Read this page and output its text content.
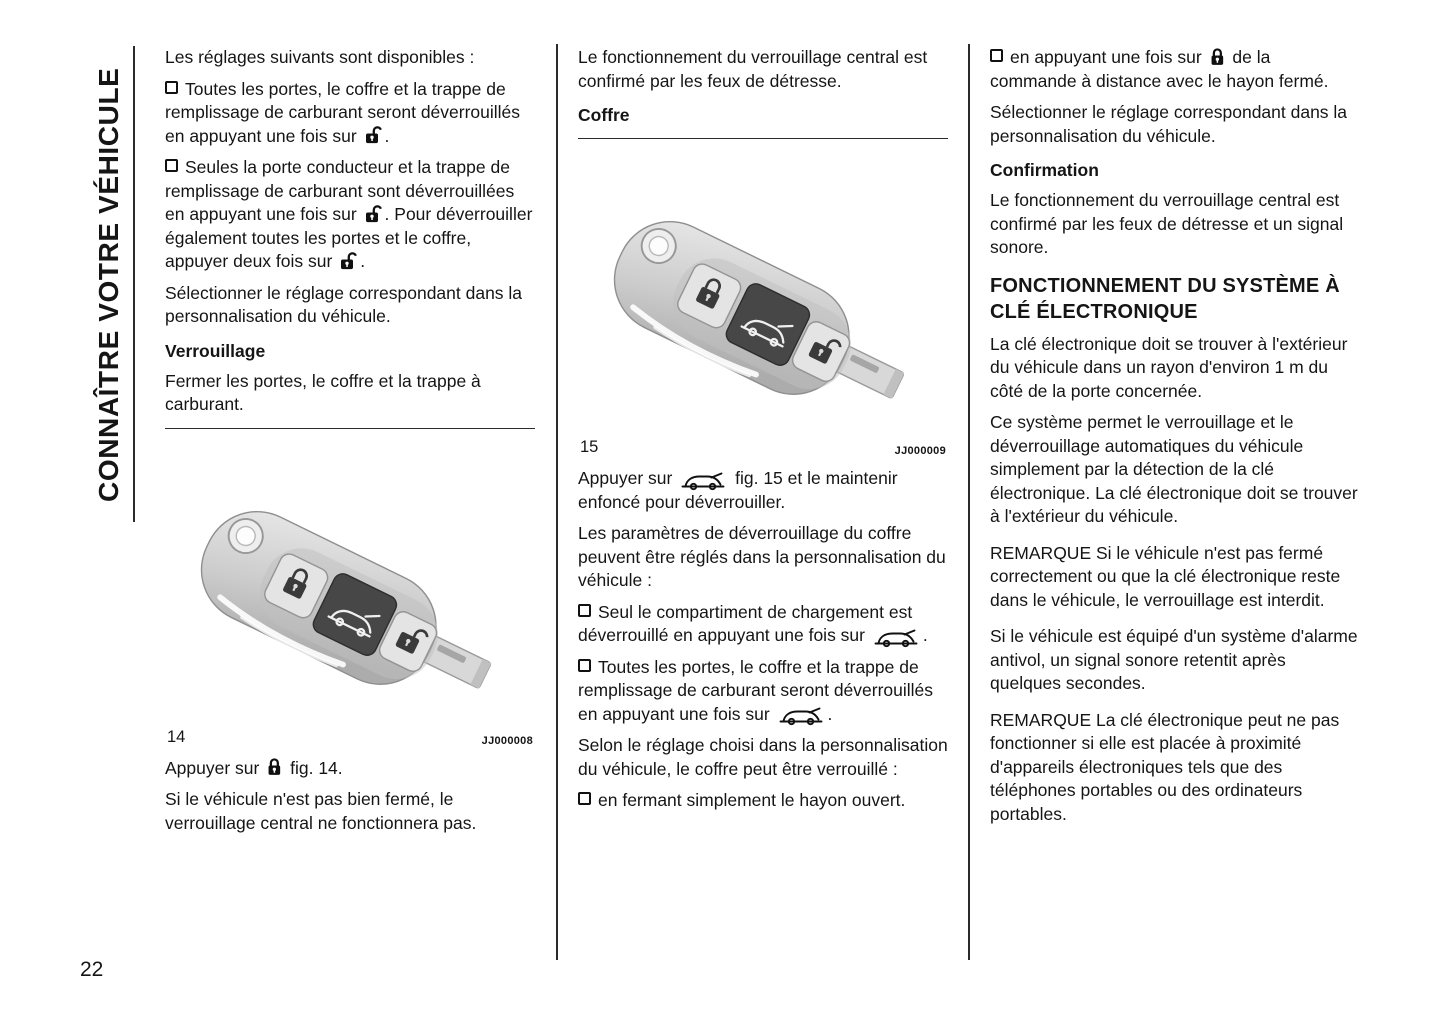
CONNAÎTRE VOTRE VÉHICULE

Les réglages suivants sont disponibles :

Toutes les portes, le coffre et la trappe de remplissage de carburant seront déverrouillés en appuyant une fois sur .

Seules la porte conducteur et la trappe de remplissage de carburant sont déverrouillées en appuyant une fois sur . Pour déverrouiller également toutes les portes et le coffre, appuyer deux fois sur .

Sélectionner le réglage correspondant dans la personnalisation du véhicule.

Verrouillage

Fermer les portes, le coffre et la trappe à carburant.

14	JJ000008

Appuyer sur fig. 14.

Si le véhicule n'est pas bien fermé, le verrouillage central ne fonctionnera pas.

Le fonctionnement du verrouillage central est confirmé par les feux de détresse.

Coffre
15	JJ000009

Appuyer sur	fig. 15 et le maintenir enfoncé pour déverrouiller.

Les paramètres de déverrouillage du coffre peuvent être réglés dans la personnalisation du véhicule :

Seul le compartiment de chargement est déverrouillé en appuyant une fois sur	.

Toutes les portes, le coffre et la trappe de remplissage de carburant seront déverrouillés en appuyant une fois sur	.

Selon le réglage choisi dans la personnalisation du véhicule, le coffre peut être verrouillé :

en fermant simplement le hayon ouvert.

en appuyant une fois sur de la commande à distance avec le hayon fermé.

Sélectionner le réglage correspondant dans la personnalisation du véhicule.

Confirmation

Le fonctionnement du verrouillage central est confirmé par les feux de détresse et un signal sonore.

FONCTIONNEMENT DU SYSTÈME À CLÉ ÉLECTRONIQUE

La clé électronique doit se trouver à l'extérieur du véhicule dans un rayon d'environ 1 m du côté de la porte concernée.

Ce système permet le verrouillage et le déverrouillage automatiques du véhicule simplement par la détection de la clé électronique. La clé électronique doit se trouver à l'extérieur du véhicule.

REMARQUE Si le véhicule n'est pas fermé correctement ou que la clé électronique reste dans le véhicule, le verrouillage est interdit.

Si le véhicule est équipé d'un système d'alarme antivol, un signal sonore retentit après quelques secondes.

REMARQUE La clé électronique peut ne pas fonctionner si elle est placée à proximité d'appareils électroniques tels que des téléphones portables ou des ordinateurs portables.

22
